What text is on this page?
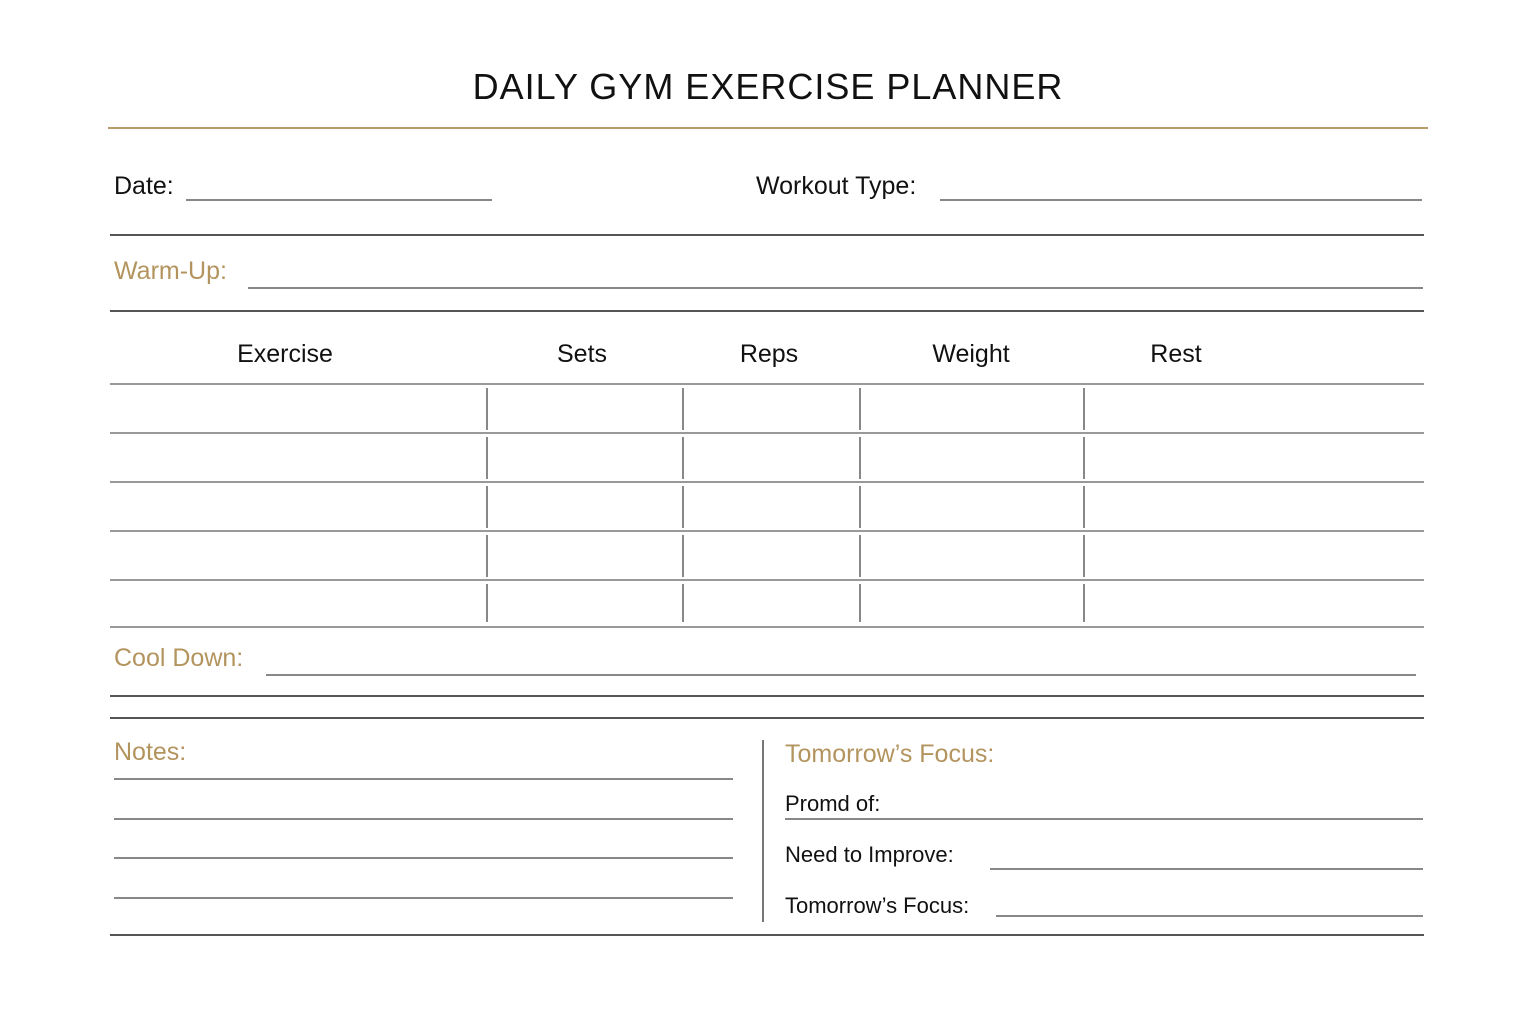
DAILY GYM EXERCISE PLANNER
Date:	Workout Type:
Warm-Up:
Exercise	Sets	Reps	Weight	Rest
Cool Down:
Notes:	Tomorrow’s Focus:
Promd of:
Need to Improve:
Tomorrow’s Focus:
